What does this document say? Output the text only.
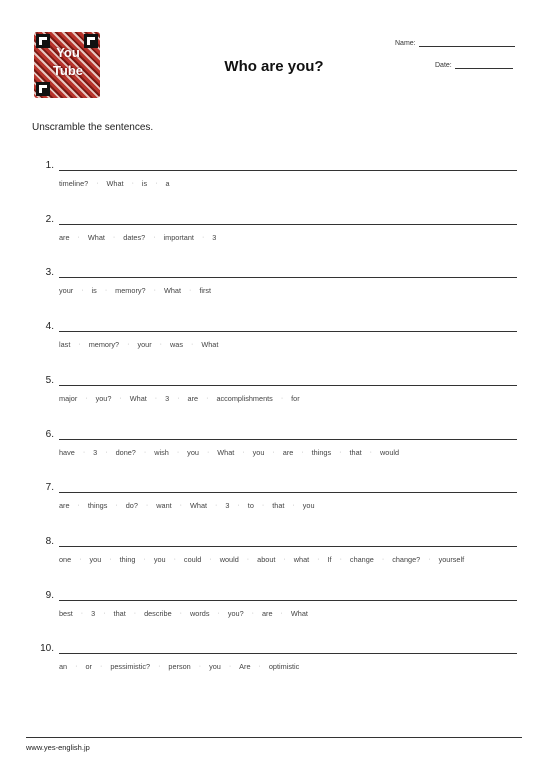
You Tube	Who are you?
Name:
Date:
Unscramble the sentences.
1.
timeline?	·	What	·	is	·	a
2.
are	·	What	·	dates?	·	important	·	3
3.
your	·	is	·	memory?	·	What	·	first
4.
last	·	memory?	·	your	·	was	·	What
5.
major	·	you?	·	What	·	3	·	are	·	accomplishments	·	for
6.
have	·	3	·	done?	·	wish	·	you	·	What	·	you	·	are	·	things	·	that	·	would
7.
are	·	things	·	do?	·	want	·	What	·	3	·	to	·	that	·	you
8.
one	·	you	·	thing	·	you	·	could	·	would	·	about	·	what	·	If	·	change	·	change?	·	yourself
9.
best	·	3	·	that	·	describe	·	words	·	you?	·	are	·	What
10.
an	·	or	·	pessimistic?	·	person	·	you	·	Are	·	optimistic
www.yes-english.jp
